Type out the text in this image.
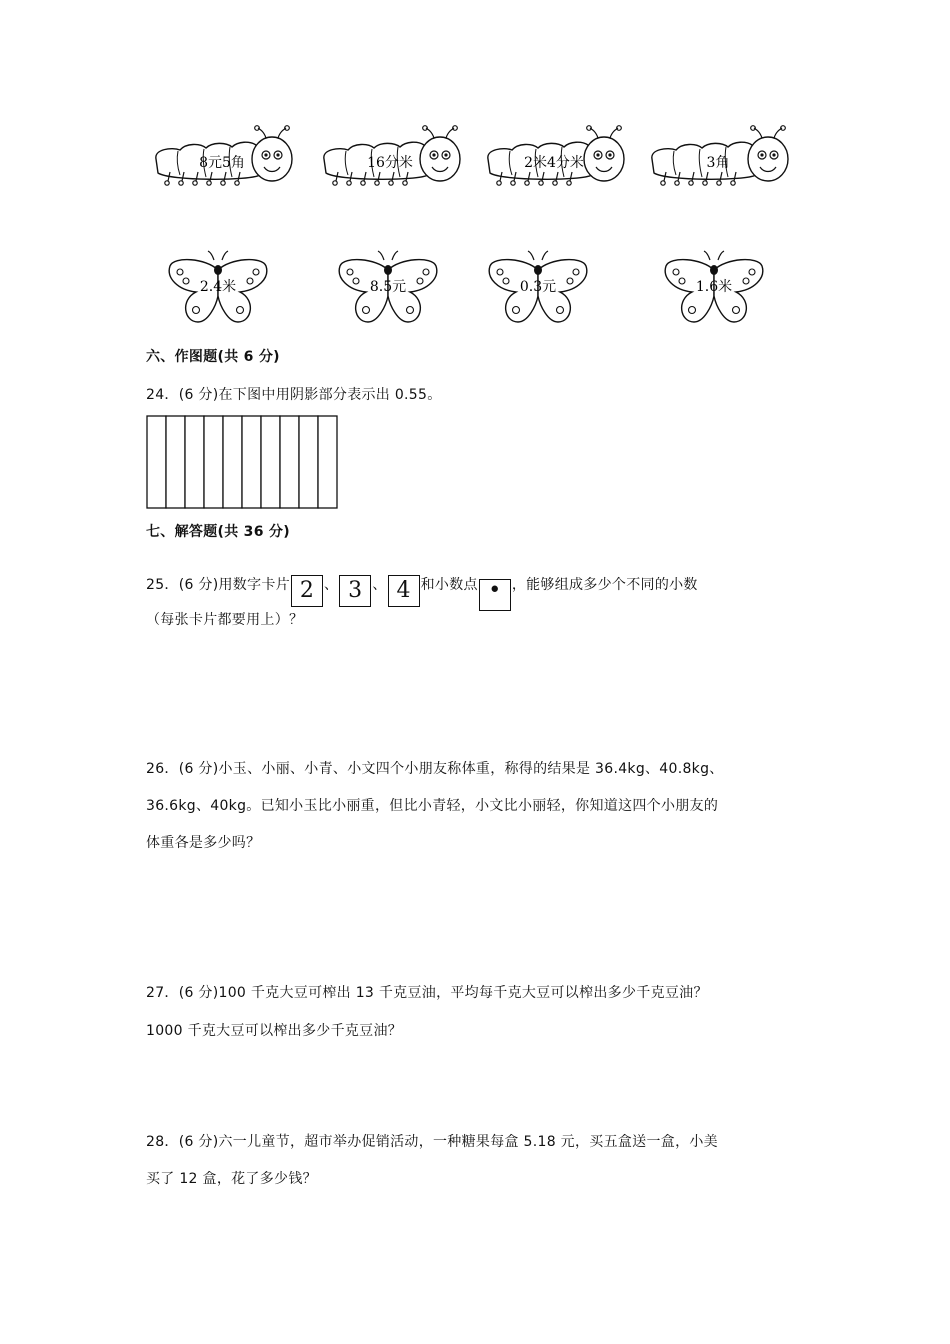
8元5角	16分米	2米4分米	3角
2.4米	8.5元	0.3元	1.6米
六、作图题(共 6 分)
24．(6 分)在下图中用阴影部分表示出 0.55。
七、解答题(共 36 分)
25．(6 分)用数字卡片 2 、 3 、 4 和小数点 • ，能够组成多少个不同的小数
（每张卡片都要用上）？
26．(6 分)小玉、小丽、小青、小文四个小朋友称体重，称得的结果是 36.4kg、40.8kg、
36.6kg、40kg。已知小玉比小丽重，但比小青轻，小文比小丽轻，你知道这四个小朋友的
体重各是多少吗？
27．(6 分)100 千克大豆可榨出 13 千克豆油，平均每千克大豆可以榨出多少千克豆油？
1000 千克大豆可以榨出多少千克豆油？
28．(6 分)六一儿童节，超市举办促销活动，一种糖果每盒 5.18 元，买五盒送一盒，小美
买了 12 盒，花了多少钱？
